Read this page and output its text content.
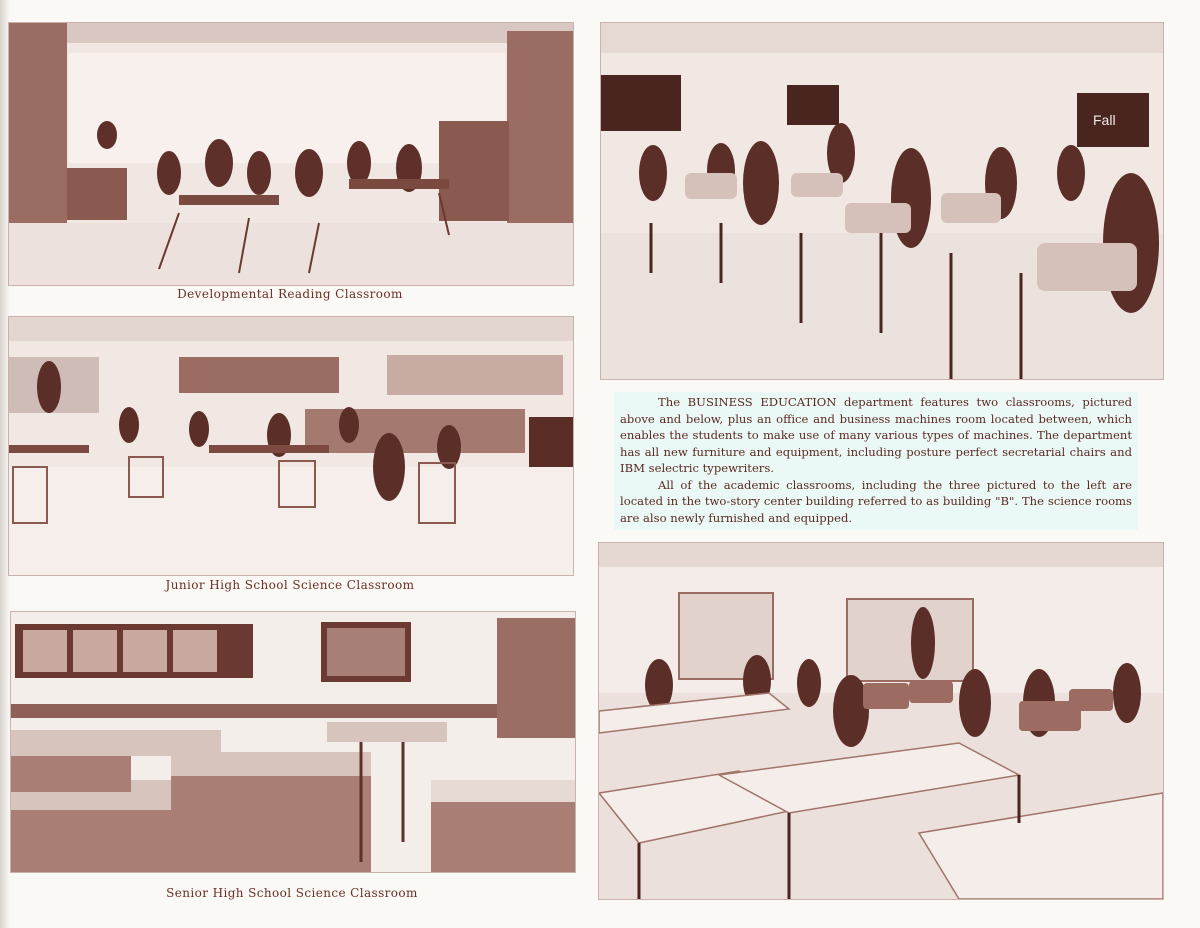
Developmental Reading Classroom
Junior High School Science Classroom
Senior High School Science Classroom
Fall

The BUSINESS EDUCATION department features two classrooms, pictured above and below, plus an office and business machines room located between, which enables the students to make use of many various types of machines. The department has all new furniture and equipment, including posture perfect secretarial chairs and IBM selectric typewriters.

All of the academic classrooms, including the three pictured to the left are located in the two-story center building referred to as building "B". The science rooms are also newly furnished and equipped.
